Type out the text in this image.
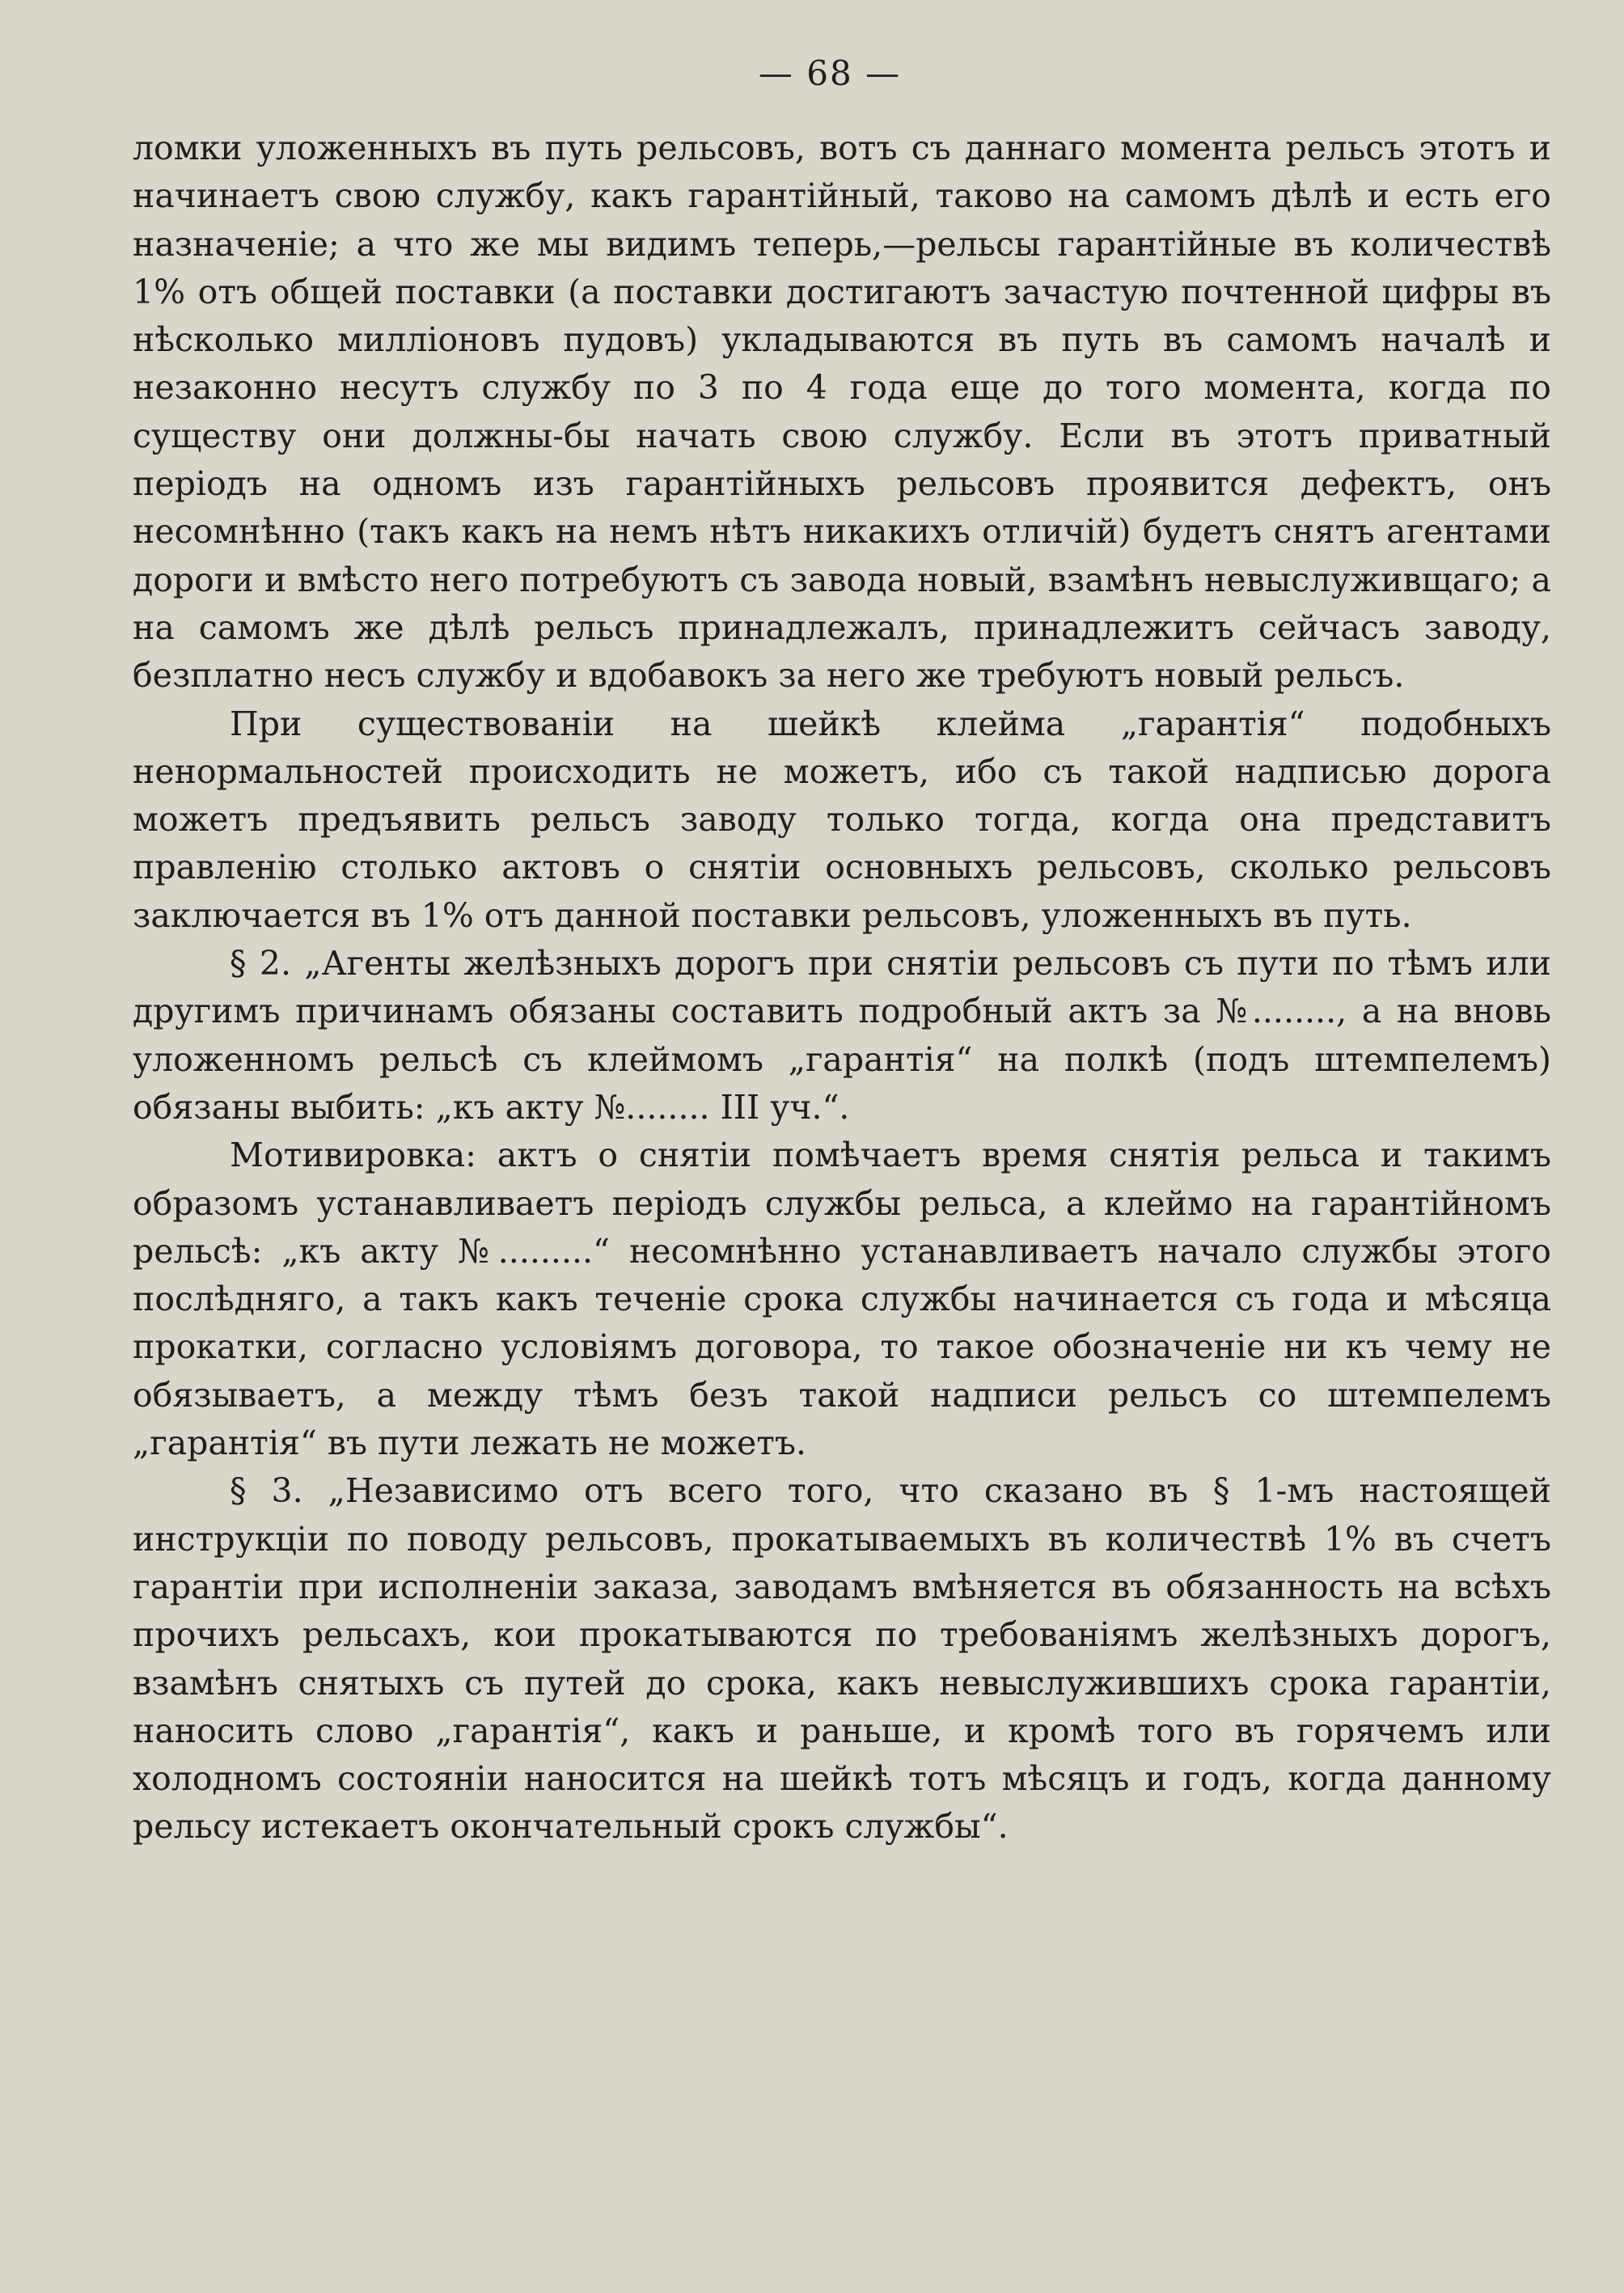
— 68 —

ломки уложенныхъ въ путь рельсовъ, вотъ съ даннаго момента рельсъ этотъ и начинаетъ свою службу, какъ гарантiйный, таково на самомъ дѣлѣ и есть его назначенiе; а что же мы видимъ теперь,—рельсы гарантiйные въ количествѣ 1% отъ общей поставки (а поставки достигаютъ зачастую почтенной цифры въ нѣсколько миллiоновъ пудовъ) укладываются въ путь въ самомъ началѣ и незаконно несутъ службу по 3 по 4 года еще до того момента, когда по существу они должны-бы начать свою службу. Если въ этотъ приватный перiодъ на одномъ изъ гарантiйныхъ рельсовъ проявится дефектъ, онъ несомнѣнно (такъ какъ на немъ нѣтъ никакихъ отличiй) будетъ снятъ агентами дороги и вмѣсто него потребуютъ съ завода новый, взамѣнъ невыслуживщаго; а на самомъ же дѣлѣ рельсъ принадлежалъ, принадлежитъ сейчасъ заводу, безплатно несъ службу и вдобавокъ за него же требуютъ новый рельсъ.

При существованiи на шейкѣ клейма „гарантiя“ подобныхъ ненормальностей происходить не можетъ, ибо съ такой надписью дорога можетъ предъявить рельсъ заводу только тогда, когда она представитъ правленiю столько актовъ о снятiи основныхъ рельсовъ, сколько рельсовъ заключается въ 1% отъ данной поставки рельсовъ, уложенныхъ въ путь.

§ 2. „Агенты желѣзныхъ дорогъ при снятiи рельсовъ съ пути по тѣмъ или другимъ причинамъ обязаны составить подробный актъ за №........, а на вновь уложенномъ рельсѣ съ клеймомъ „гарантiя“ на полкѣ (подъ штемпелемъ) обязаны выбить: „къ акту №........ III уч.“.

Мотивировка: актъ о снятiи помѣчаетъ время снятiя рельса и такимъ образомъ устанавливаетъ перiодъ службы рельса, а клеймо на гарантiйномъ рельсѣ: „къ акту №.........“ несомнѣнно устанавливаетъ начало службы этого послѣдняго, а такъ какъ теченiе срока службы начинается съ года и мѣсяца прокатки, согласно условiямъ договора, то такое обозначенiе ни къ чему не обязываетъ, а между тѣмъ безъ такой надписи рельсъ со штемпелемъ „гарантiя“ въ пути лежать не можетъ.

§ 3. „Независимо отъ всего того, что сказано въ § 1-мъ настоящей инструкцiи по поводу рельсовъ, прокатываемыхъ въ количествѣ 1% въ счетъ гарантiи при исполненiи заказа, заводамъ вмѣняется въ обязанность на всѣхъ прочихъ рельсахъ, кои прокатываются по требованiямъ желѣзныхъ дорогъ, взамѣнъ снятыхъ съ путей до срока, какъ невыслужившихъ срока гарантiи, наносить слово „гарантiя“, какъ и раньше, и кромѣ того въ горячемъ или холодномъ состоянiи наносится на шейкѣ тотъ мѣсяцъ и годъ, когда данному рельсу истекаетъ окончательный срокъ службы“.
